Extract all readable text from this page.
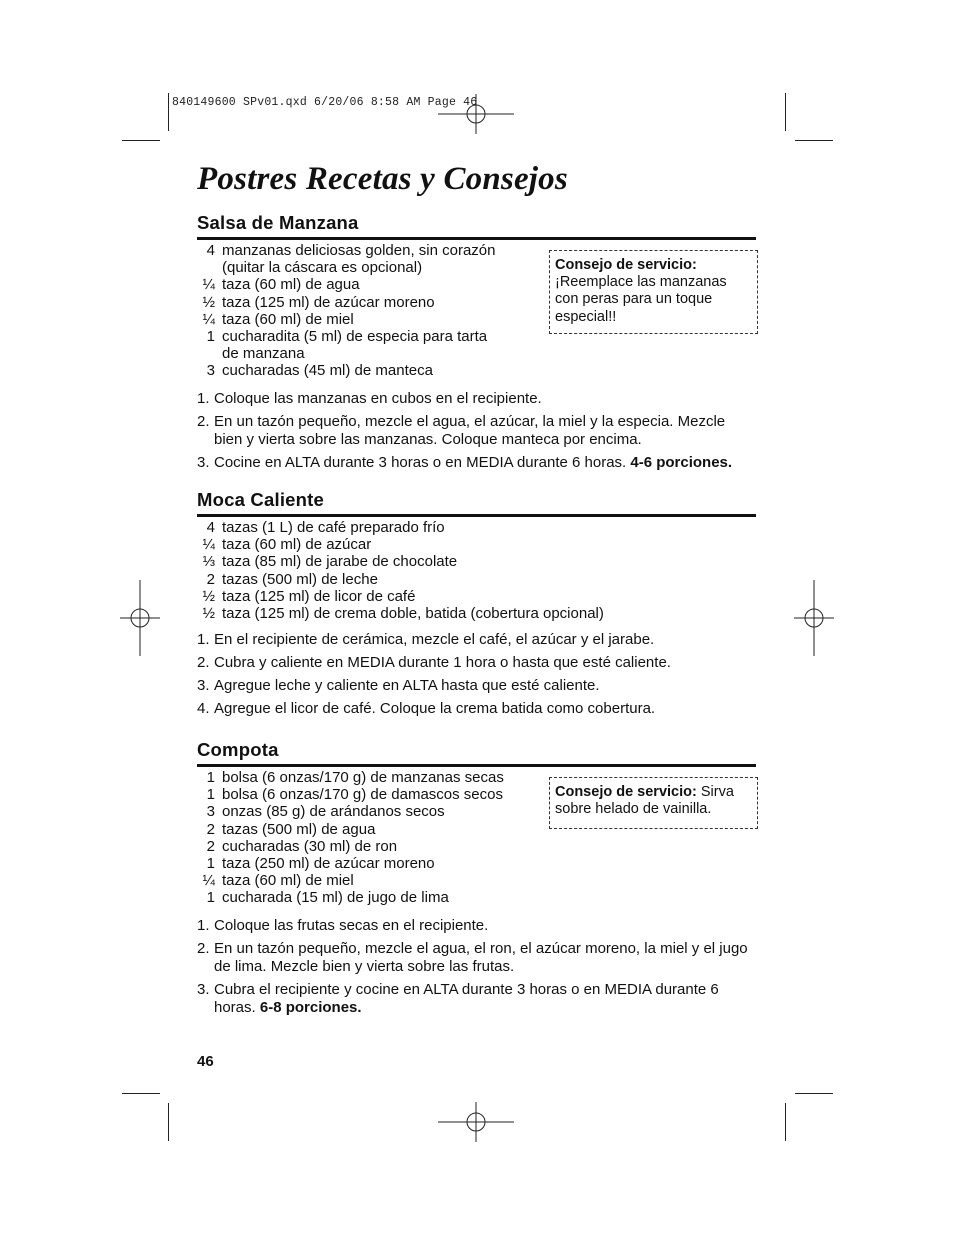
840149600 SPv01.qxd 6/20/06 8:58 AM Page 46
Postres Recetas y Consejos
Salsa de Manzana
4 manzanas deliciosas golden, sin corazón
(quitar la cáscara es opcional)
¼ taza (60 ml) de agua
½ taza (125 ml) de azúcar moreno
¼ taza (60 ml) de miel
1 cucharadita (5 ml) de especia para tarta
de manzana
3 cucharadas (45 ml) de manteca
1. Coloque las manzanas en cubos en el recipiente.
2. En un tazón pequeño, mezcle el agua, el azúcar, la miel y la especia. Mezcle bien y vierta sobre las manzanas. Coloque manteca por encima.
3. Cocine en ALTA durante 3 horas o en MEDIA durante 6 horas. 4-6 porciones.
Consejo de servicio:
¡Reemplace las manzanas con peras para un toque especial!!
Moca Caliente
4 tazas (1 L) de café preparado frío
¼ taza (60 ml) de azúcar
⅓ taza (85 ml) de jarabe de chocolate
2 tazas (500 ml) de leche
½ taza (125 ml) de licor de café
½ taza (125 ml) de crema doble, batida (cobertura opcional)
1. En el recipiente de cerámica, mezcle el café, el azúcar y el jarabe.
2. Cubra y caliente en MEDIA durante 1 hora o hasta que esté caliente.
3. Agregue leche y caliente en ALTA hasta que esté caliente.
4. Agregue el licor de café. Coloque la crema batida como cobertura.
Compota
1 bolsa (6 onzas/170 g) de manzanas secas
1 bolsa (6 onzas/170 g) de damascos secos
3 onzas (85 g) de arándanos secos
2 tazas (500 ml) de agua
2 cucharadas (30 ml) de ron
1 taza (250 ml) de azúcar moreno
¼ taza (60 ml) de miel
1 cucharada (15 ml) de jugo de lima
1. Coloque las frutas secas en el recipiente.
2. En un tazón pequeño, mezcle el agua, el ron, el azúcar moreno, la miel y el jugo de lima. Mezcle bien y vierta sobre las frutas.
3. Cubra el recipiente y cocine en ALTA durante 3 horas o en MEDIA durante 6 horas. 6-8 porciones.
Consejo de servicio: Sirva sobre helado de vainilla.
46
